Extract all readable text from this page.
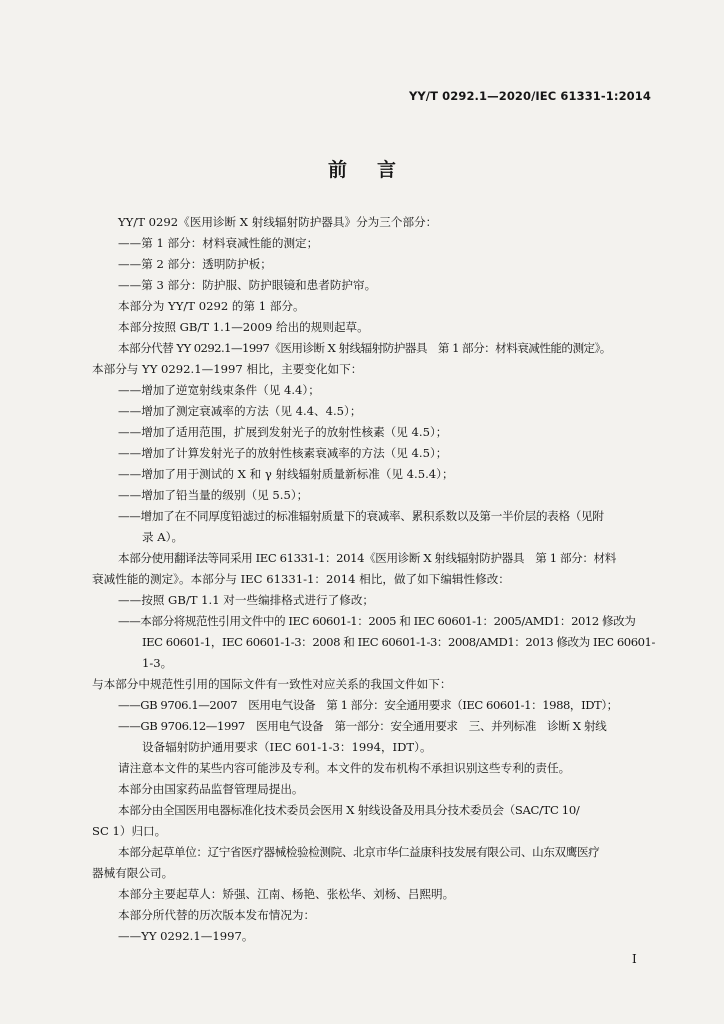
YY/T 0292.1—2020/IEC 61331-1:2014
前言
YY/T 0292《医用诊断 X 射线辐射防护器具》分为三个部分：
——第 1 部分：材料衰减性能的测定；
——第 2 部分：透明防护板；
——第 3 部分：防护服、防护眼镜和患者防护帘。
本部分为 YY/T 0292 的第 1 部分。
本部分按照 GB/T 1.1—2009 给出的规则起草。
本部分代替 YY 0292.1—1997《医用诊断 X 射线辐射防护器具　第 1 部分：材料衰减性能的测定》。
本部分与 YY 0292.1—1997 相比，主要变化如下：
——增加了逆宽射线束条件（见 4.4）；
——增加了测定衰减率的方法（见 4.4、4.5）；
——增加了适用范围，扩展到发射光子的放射性核素（见 4.5）；
——增加了计算发射光子的放射性核素衰减率的方法（见 4.5）；
——增加了用于测试的 X 和 γ 射线辐射质量新标准（见 4.5.4）；
——增加了铅当量的级别（见 5.5）；
——增加了在不同厚度铅滤过的标准辐射质量下的衰减率、累积系数以及第一半价层的表格（见附
录 A）。
本部分使用翻译法等同采用 IEC 61331-1：2014《医用诊断 X 射线辐射防护器具　第 1 部分：材料
衰减性能的测定》。本部分与 IEC 61331-1：2014 相比，做了如下编辑性修改：
——按照 GB/T 1.1 对一些编排格式进行了修改；
——本部分将规范性引用文件中的 IEC 60601-1：2005 和 IEC 60601-1：2005/AMD1：2012 修改为
IEC 60601-1，IEC 60601-1-3：2008 和 IEC 60601-1-3：2008/AMD1：2013 修改为 IEC 60601-
1-3。
与本部分中规范性引用的国际文件有一致性对应关系的我国文件如下：
——GB 9706.1—2007　医用电气设备　第 1 部分：安全通用要求（IEC 60601-1：1988，IDT）；
——GB 9706.12—1997　医用电气设备　第一部分：安全通用要求　三、并列标准　诊断 X 射线
设备辐射防护通用要求（IEC 601-1-3：1994，IDT）。
请注意本文件的某些内容可能涉及专利。本文件的发布机构不承担识别这些专利的责任。
本部分由国家药品监督管理局提出。
本部分由全国医用电器标准化技术委员会医用 X 射线设备及用具分技术委员会（SAC/TC 10/
SC 1）归口。
本部分起草单位：辽宁省医疗器械检验检测院、北京市华仁益康科技发展有限公司、山东双鹰医疗
器械有限公司。
本部分主要起草人：矫强、江南、杨艳、张松华、刘杨、吕熙明。
本部分所代替的历次版本发布情况为：
——YY 0292.1—1997。
I
